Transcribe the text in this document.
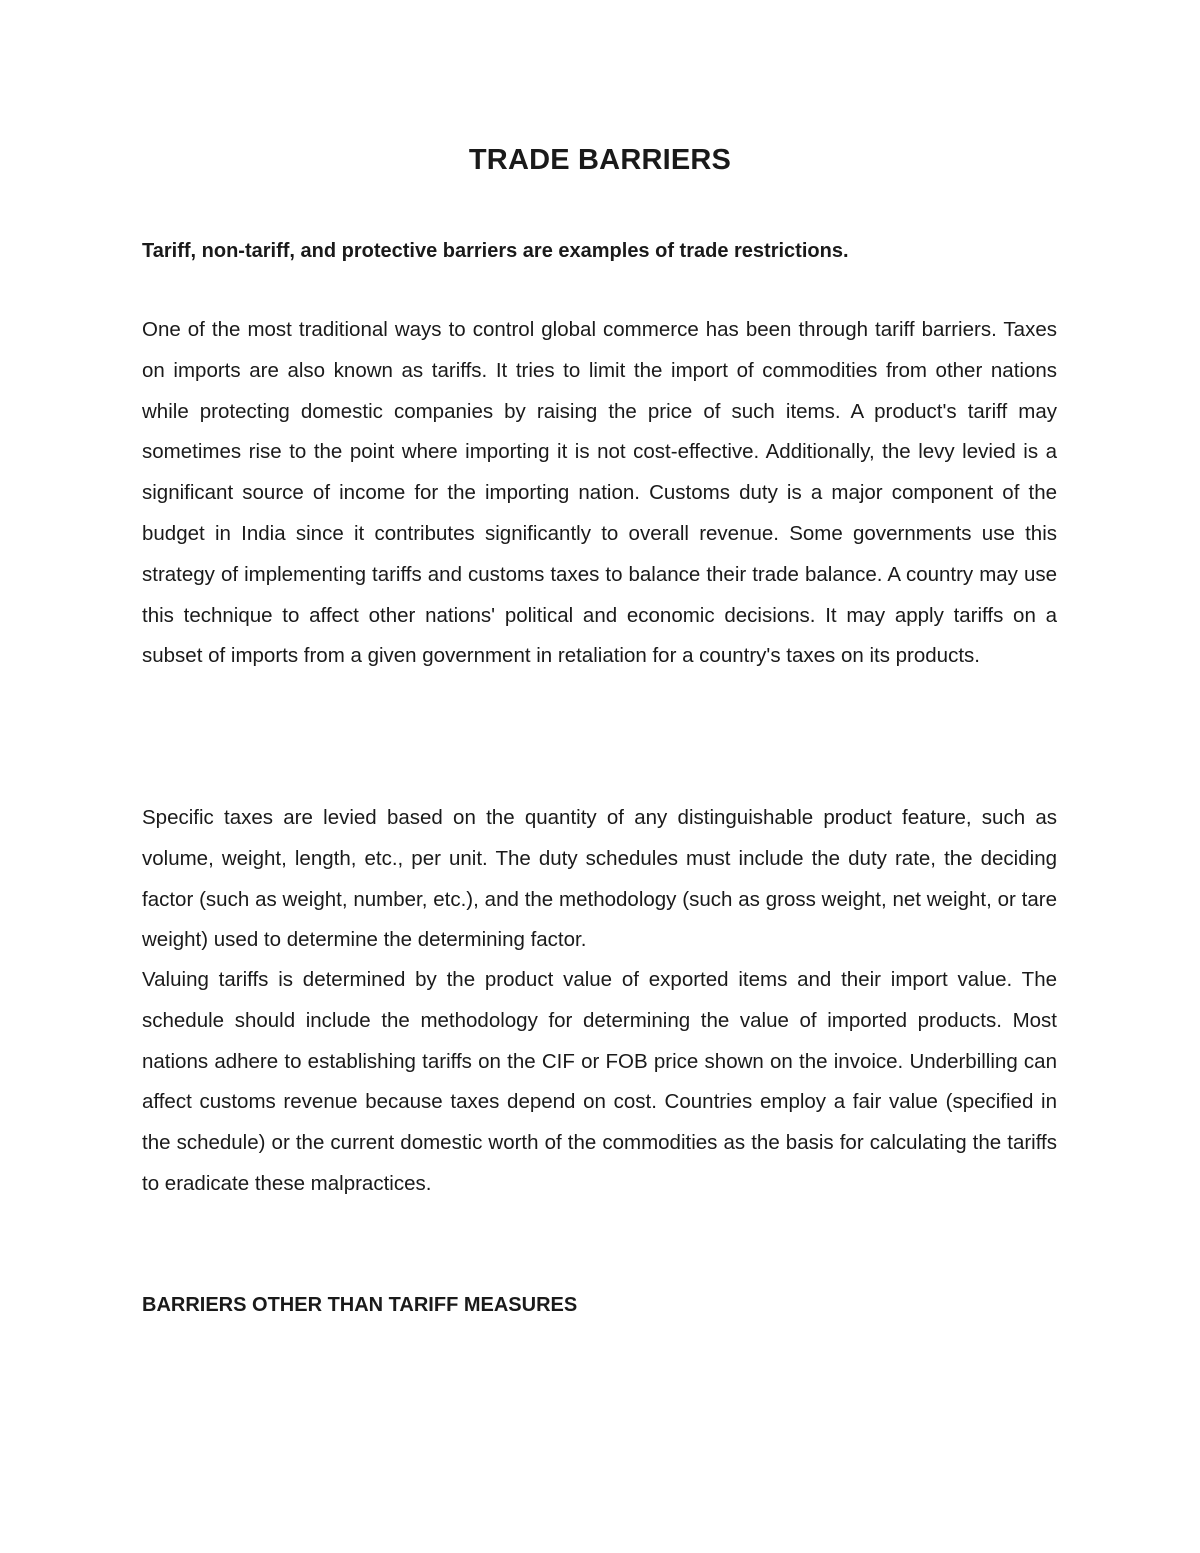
TRADE BARRIERS

Tariff, non-tariff, and protective barriers are examples of trade restrictions.

One of the most traditional ways to control global commerce has been through tariff barriers. Taxes on imports are also known as tariffs. It tries to limit the import of commodities from other nations while protecting domestic companies by raising the price of such items. A product's tariff may sometimes rise to the point where importing it is not cost-effective. Additionally, the levy levied is a significant source of income for the importing nation. Customs duty is a major component of the budget in India since it contributes significantly to overall revenue. Some governments use this strategy of implementing tariffs and customs taxes to balance their trade balance. A country may use this technique to affect other nations' political and economic decisions. It may apply tariffs on a subset of imports from a given government in retaliation for a country's taxes on its products.

Specific taxes are levied based on the quantity of any distinguishable product feature, such as volume, weight, length, etc., per unit. The duty schedules must include the duty rate, the deciding factor (such as weight, number, etc.), and the methodology (such as gross weight, net weight, or tare weight) used to determine the determining factor.

Valuing tariffs is determined by the product value of exported items and their import value. The schedule should include the methodology for determining the value of imported products. Most nations adhere to establishing tariffs on the CIF or FOB price shown on the invoice. Underbilling can affect customs revenue because taxes depend on cost. Countries employ a fair value (specified in the schedule) or the current domestic worth of the commodities as the basis for calculating the tariffs to eradicate these malpractices.

BARRIERS OTHER THAN TARIFF MEASURES
